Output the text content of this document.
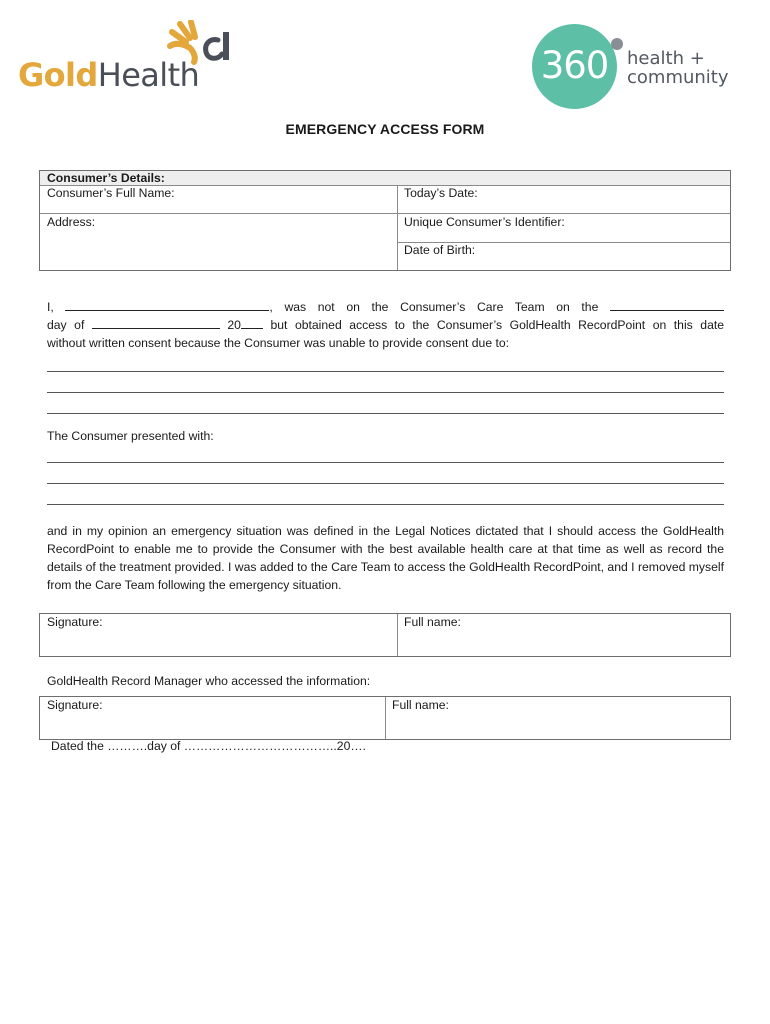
GoldHealth	360	health +
community
EMERGENCY ACCESS FORM
Consumer’s Details:
Consumer’s Full Name:	Today’s Date:
Address:	Unique Consumer’s Identifier:
Date of Birth:
I,	, was not on the Consumer’s Care Team on the
day of	20 but obtained access to the Consumer’s GoldHealth RecordPoint on this date
without written consent because the Consumer was unable to provide consent due to:
The Consumer presented with:
and in my opinion an emergency situation was defined in the Legal Notices dictated that I should access the GoldHealth RecordPoint to enable me to provide the Consumer with the best available health care at that time as well as record the details of the treatment provided. I was added to the Care Team to access the GoldHealth RecordPoint, and I removed myself from the Care Team following the emergency situation.
Signature:	Full name:
GoldHealth Record Manager who accessed the information:
Signature:	Full name:
Dated the ……….day of ………………………………..20….
